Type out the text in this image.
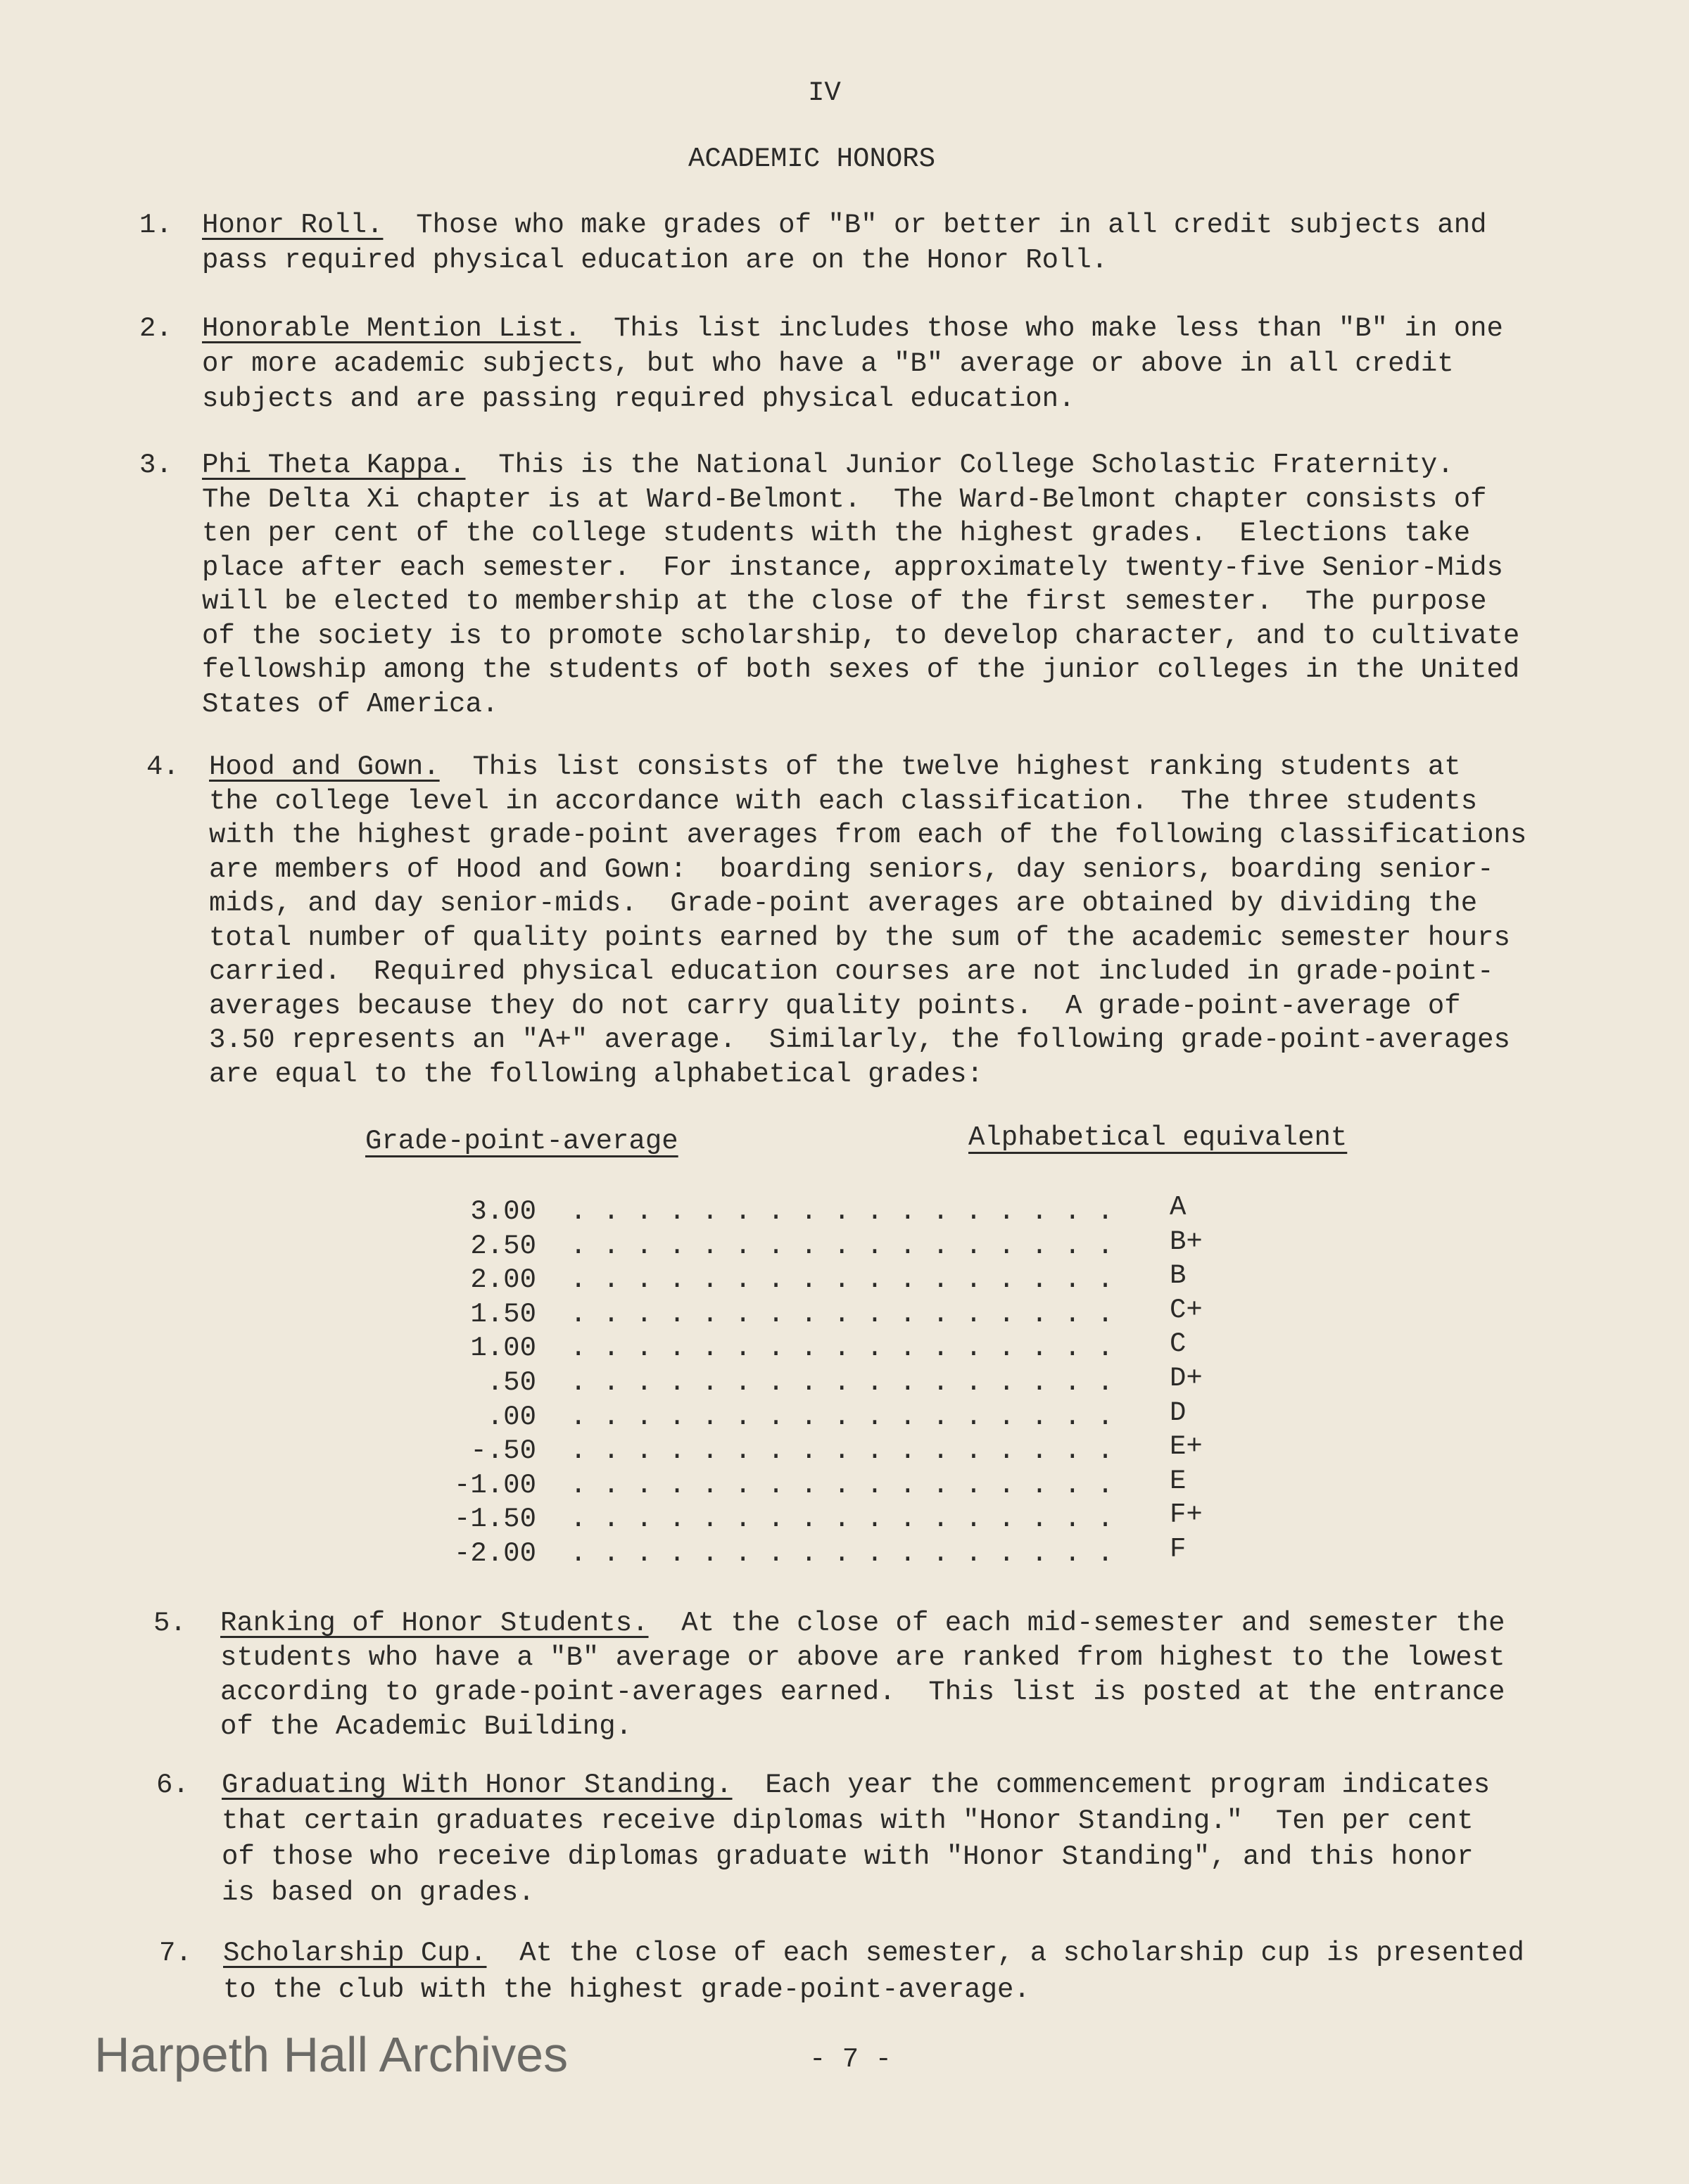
IV
ACADEMIC HONORS
1. Honor Roll.  Those who make grades of "B" or better in all credit subjects and
pass required physical education are on the Honor Roll.
2. Honorable Mention List.  This list includes those who make less than "B" in one
or more academic subjects, but who have a "B" average or above in all credit
subjects and are passing required physical education.
3. Phi Theta Kappa.  This is the National Junior College Scholastic Fraternity.
The Delta Xi chapter is at Ward-Belmont.  The Ward-Belmont chapter consists of
ten per cent of the college students with the highest grades.  Elections take
place after each semester.  For instance, approximately twenty-five Senior-Mids
will be elected to membership at the close of the first semester.  The purpose
of the society is to promote scholarship, to develop character, and to cultivate
fellowship among the students of both sexes of the junior colleges in the United
States of America.
4. Hood and Gown.  This list consists of the twelve highest ranking students at
the college level in accordance with each classification.  The three students
with the highest grade-point averages from each of the following classifications
are members of Hood and Gown:  boarding seniors, day seniors, boarding senior-
mids, and day senior-mids.  Grade-point averages are obtained by dividing the
total number of quality points earned by the sum of the academic semester hours
carried.  Required physical education courses are not included in grade-point-
averages because they do not carry quality points.  A grade-point-average of
3.50 represents an "A+" average.  Similarly, the following grade-point-averages
are equal to the following alphabetical grades:
5. Ranking of Honor Students.  At the close of each mid-semester and semester the
students who have a "B" average or above are ranked from highest to the lowest
according to grade-point-averages earned.  This list is posted at the entrance
of the Academic Building.
6. Graduating With Honor Standing.  Each year the commencement program indicates
that certain graduates receive diplomas with "Honor Standing."  Ten per cent
of those who receive diplomas graduate with "Honor Standing", and this honor
is based on grades.
7. Scholarship Cup.  At the close of each semester, a scholarship cup is presented
to the club with the highest grade-point-average.
Grade-point-average	Alphabetical equivalent
3.00 . . . . . . . . . . . . . . . . . A
2.50 . . . . . . . . . . . . . . . . . B+
2.00 . . . . . . . . . . . . . . . . . B
1.50 . . . . . . . . . . . . . . . . . C+
1.00 . . . . . . . . . . . . . . . . . C
.50 . . . . . . . . . . . . . . . . . D+
.00 . . . . . . . . . . . . . . . . . D
-.50 . . . . . . . . . . . . . . . . . E+
-1.00 . . . . . . . . . . . . . . . . . E
-1.50 . . . . . . . . . . . . . . . . . F+
-2.00 . . . . . . . . . . . . . . . . . F
Harpeth Hall Archives	- 7 -
